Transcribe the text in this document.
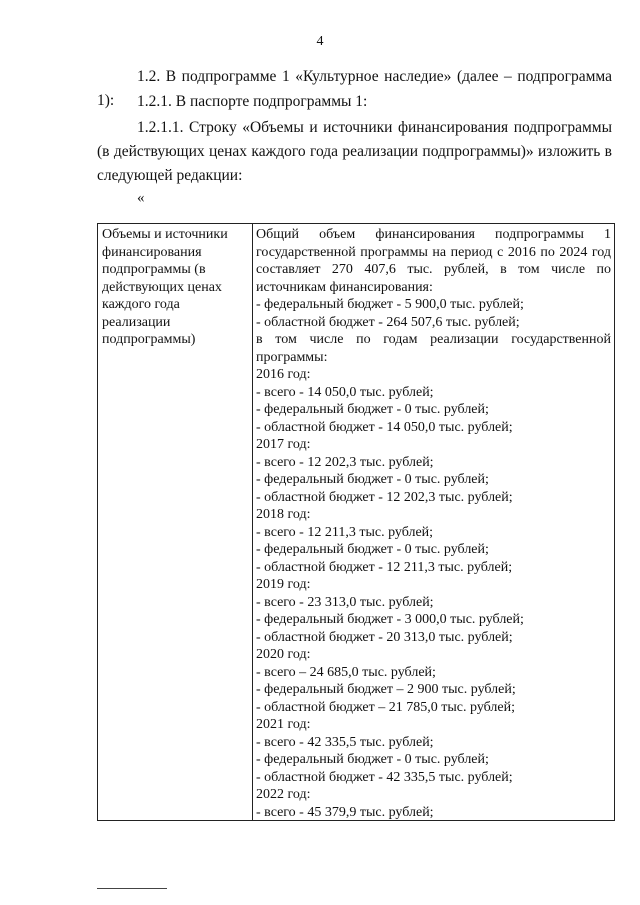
4
1.2. В подпрограмме 1 «Культурное наследие» (далее – подпрограмма 1):	1.2.1. В паспорте подпрограммы 1:
1.2.1.1. Строку «Объемы и источники финансирования подпрограммы (в действующих ценах каждого года реализации подпрограммы)» изложить в следующей редакции:
«
Объемы и источники финансирования подпрограммы (в действующих ценах каждого года реализации подпрограммы)
Общий объем финансирования подпрограммы 1 государственной программы на период с 2016 по 2024 год составляет 270 407,6 тыс. рублей, в том числе по источникам финансирования:
- федеральный бюджет - 5 900,0 тыс. рублей;
- областной бюджет - 264 507,6 тыс. рублей;
в том числе по годам реализации государственной программы:
2016 год:
- всего - 14 050,0 тыс. рублей;
- федеральный бюджет - 0 тыс. рублей;
- областной бюджет - 14 050,0 тыс. рублей;
2017 год:
- всего - 12 202,3 тыс. рублей;
- федеральный бюджет - 0 тыс. рублей;
- областной бюджет - 12 202,3 тыс. рублей;
2018 год:
- всего - 12 211,3 тыс. рублей;
- федеральный бюджет - 0 тыс. рублей;
- областной бюджет - 12 211,3 тыс. рублей;
2019 год:
- всего - 23 313,0 тыс. рублей;
- федеральный бюджет - 3 000,0 тыс. рублей;
- областной бюджет - 20 313,0 тыс. рублей;
2020 год:
- всего – 24 685,0 тыс. рублей;
- федеральный бюджет – 2 900 тыс. рублей;
- областной бюджет – 21 785,0 тыс. рублей;
2021 год:
- всего - 42 335,5 тыс. рублей;
- федеральный бюджет - 0 тыс. рублей;
- областной бюджет - 42 335,5 тыс. рублей;
2022 год:
- всего - 45 379,9 тыс. рублей;
